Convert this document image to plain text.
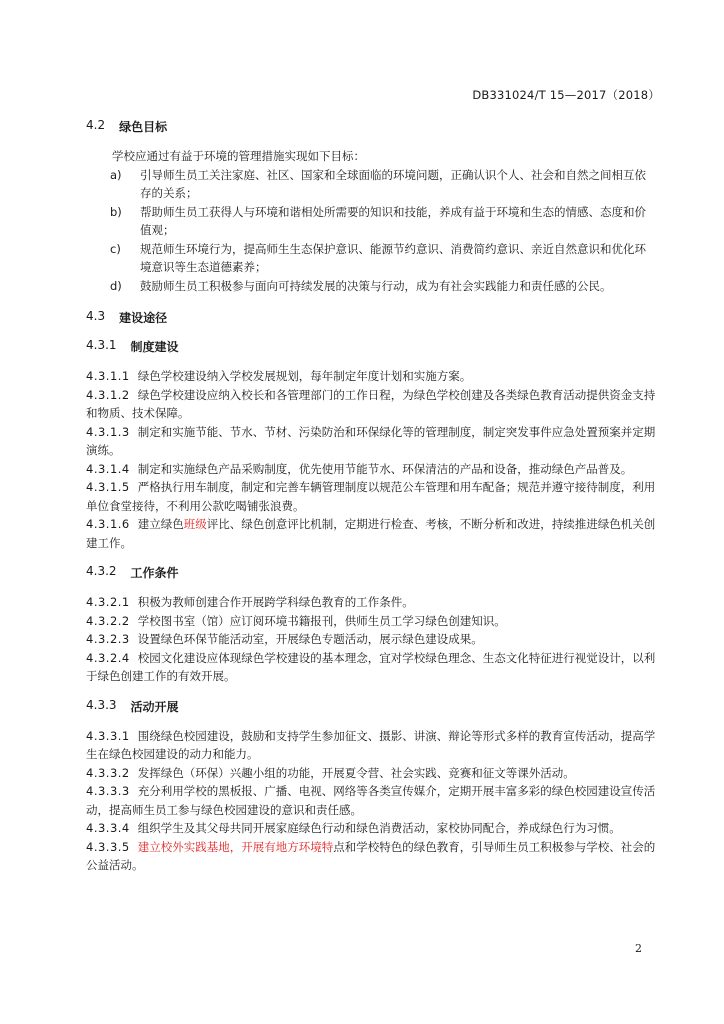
DB331024/T 15—2017（2018）
4.2 绿色目标
学校应通过有益于环境的管理措施实现如下目标：
a)	引导师生员工关注家庭、社区、国家和全球面临的环境问题，正确认识个人、社会和自然之间相互依存的关系；
b)	帮助师生员工获得人与环境和谐相处所需要的知识和技能，养成有益于环境和生态的情感、态度和价值观；
c)	规范师生环境行为，提高师生生态保护意识、能源节约意识、消费简约意识、亲近自然意识和优化环境意识等生态道德素养；
d)	鼓励师生员工积极参与面向可持续发展的决策与行动，成为有社会实践能力和责任感的公民。
4.3 建设途径
4.3.1 制度建设
4.3.1.1 绿色学校建设纳入学校发展规划，每年制定年度计划和实施方案。
4.3.1.2 绿色学校建设应纳入校长和各管理部门的工作日程，为绿色学校创建及各类绿色教育活动提供资金支持和物质、技术保障。
4.3.1.3 制定和实施节能、节水、节材、污染防治和环保绿化等的管理制度，制定突发事件应急处置预案并定期演练。
4.3.1.4 制定和实施绿色产品采购制度，优先使用节能节水、环保清洁的产品和设备，推动绿色产品普及。
4.3.1.5 严格执行用车制度，制定和完善车辆管理制度以规范公车管理和用车配备；规范并遵守接待制度，利用单位食堂接待，不利用公款吃喝铺张浪费。
4.3.1.6 建立绿色班级评比、绿色创意评比机制，定期进行检查、考核，不断分析和改进，持续推进绿色机关创建工作。
4.3.2 工作条件
4.3.2.1 积极为教师创建合作开展跨学科绿色教育的工作条件。
4.3.2.2 学校图书室（馆）应订阅环境书籍报刊，供师生员工学习绿色创建知识。
4.3.2.3 设置绿色环保节能活动室，开展绿色专题活动，展示绿色建设成果。
4.3.2.4 校园文化建设应体现绿色学校建设的基本理念，宜对学校绿色理念、生态文化特征进行视觉设计，以利于绿色创建工作的有效开展。
4.3.3 活动开展
4.3.3.1 围绕绿色校园建设，鼓励和支持学生参加征文、摄影、讲演、辩论等形式多样的教育宣传活动，提高学生在绿色校园建设的动力和能力。
4.3.3.2 发挥绿色（环保）兴趣小组的功能，开展夏令营、社会实践、竞赛和征文等课外活动。
4.3.3.3 充分利用学校的黑板报、广播、电视、网络等各类宣传媒介，定期开展丰富多彩的绿色校园建设宣传活动，提高师生员工参与绿色校园建设的意识和责任感。
4.3.3.4 组织学生及其父母共同开展家庭绿色行动和绿色消费活动，家校协同配合，养成绿色行为习惯。
4.3.3.5 建立校外实践基地，开展有地方环境特点和学校特色的绿色教育，引导师生员工积极参与学校、社会的公益活动。
2
